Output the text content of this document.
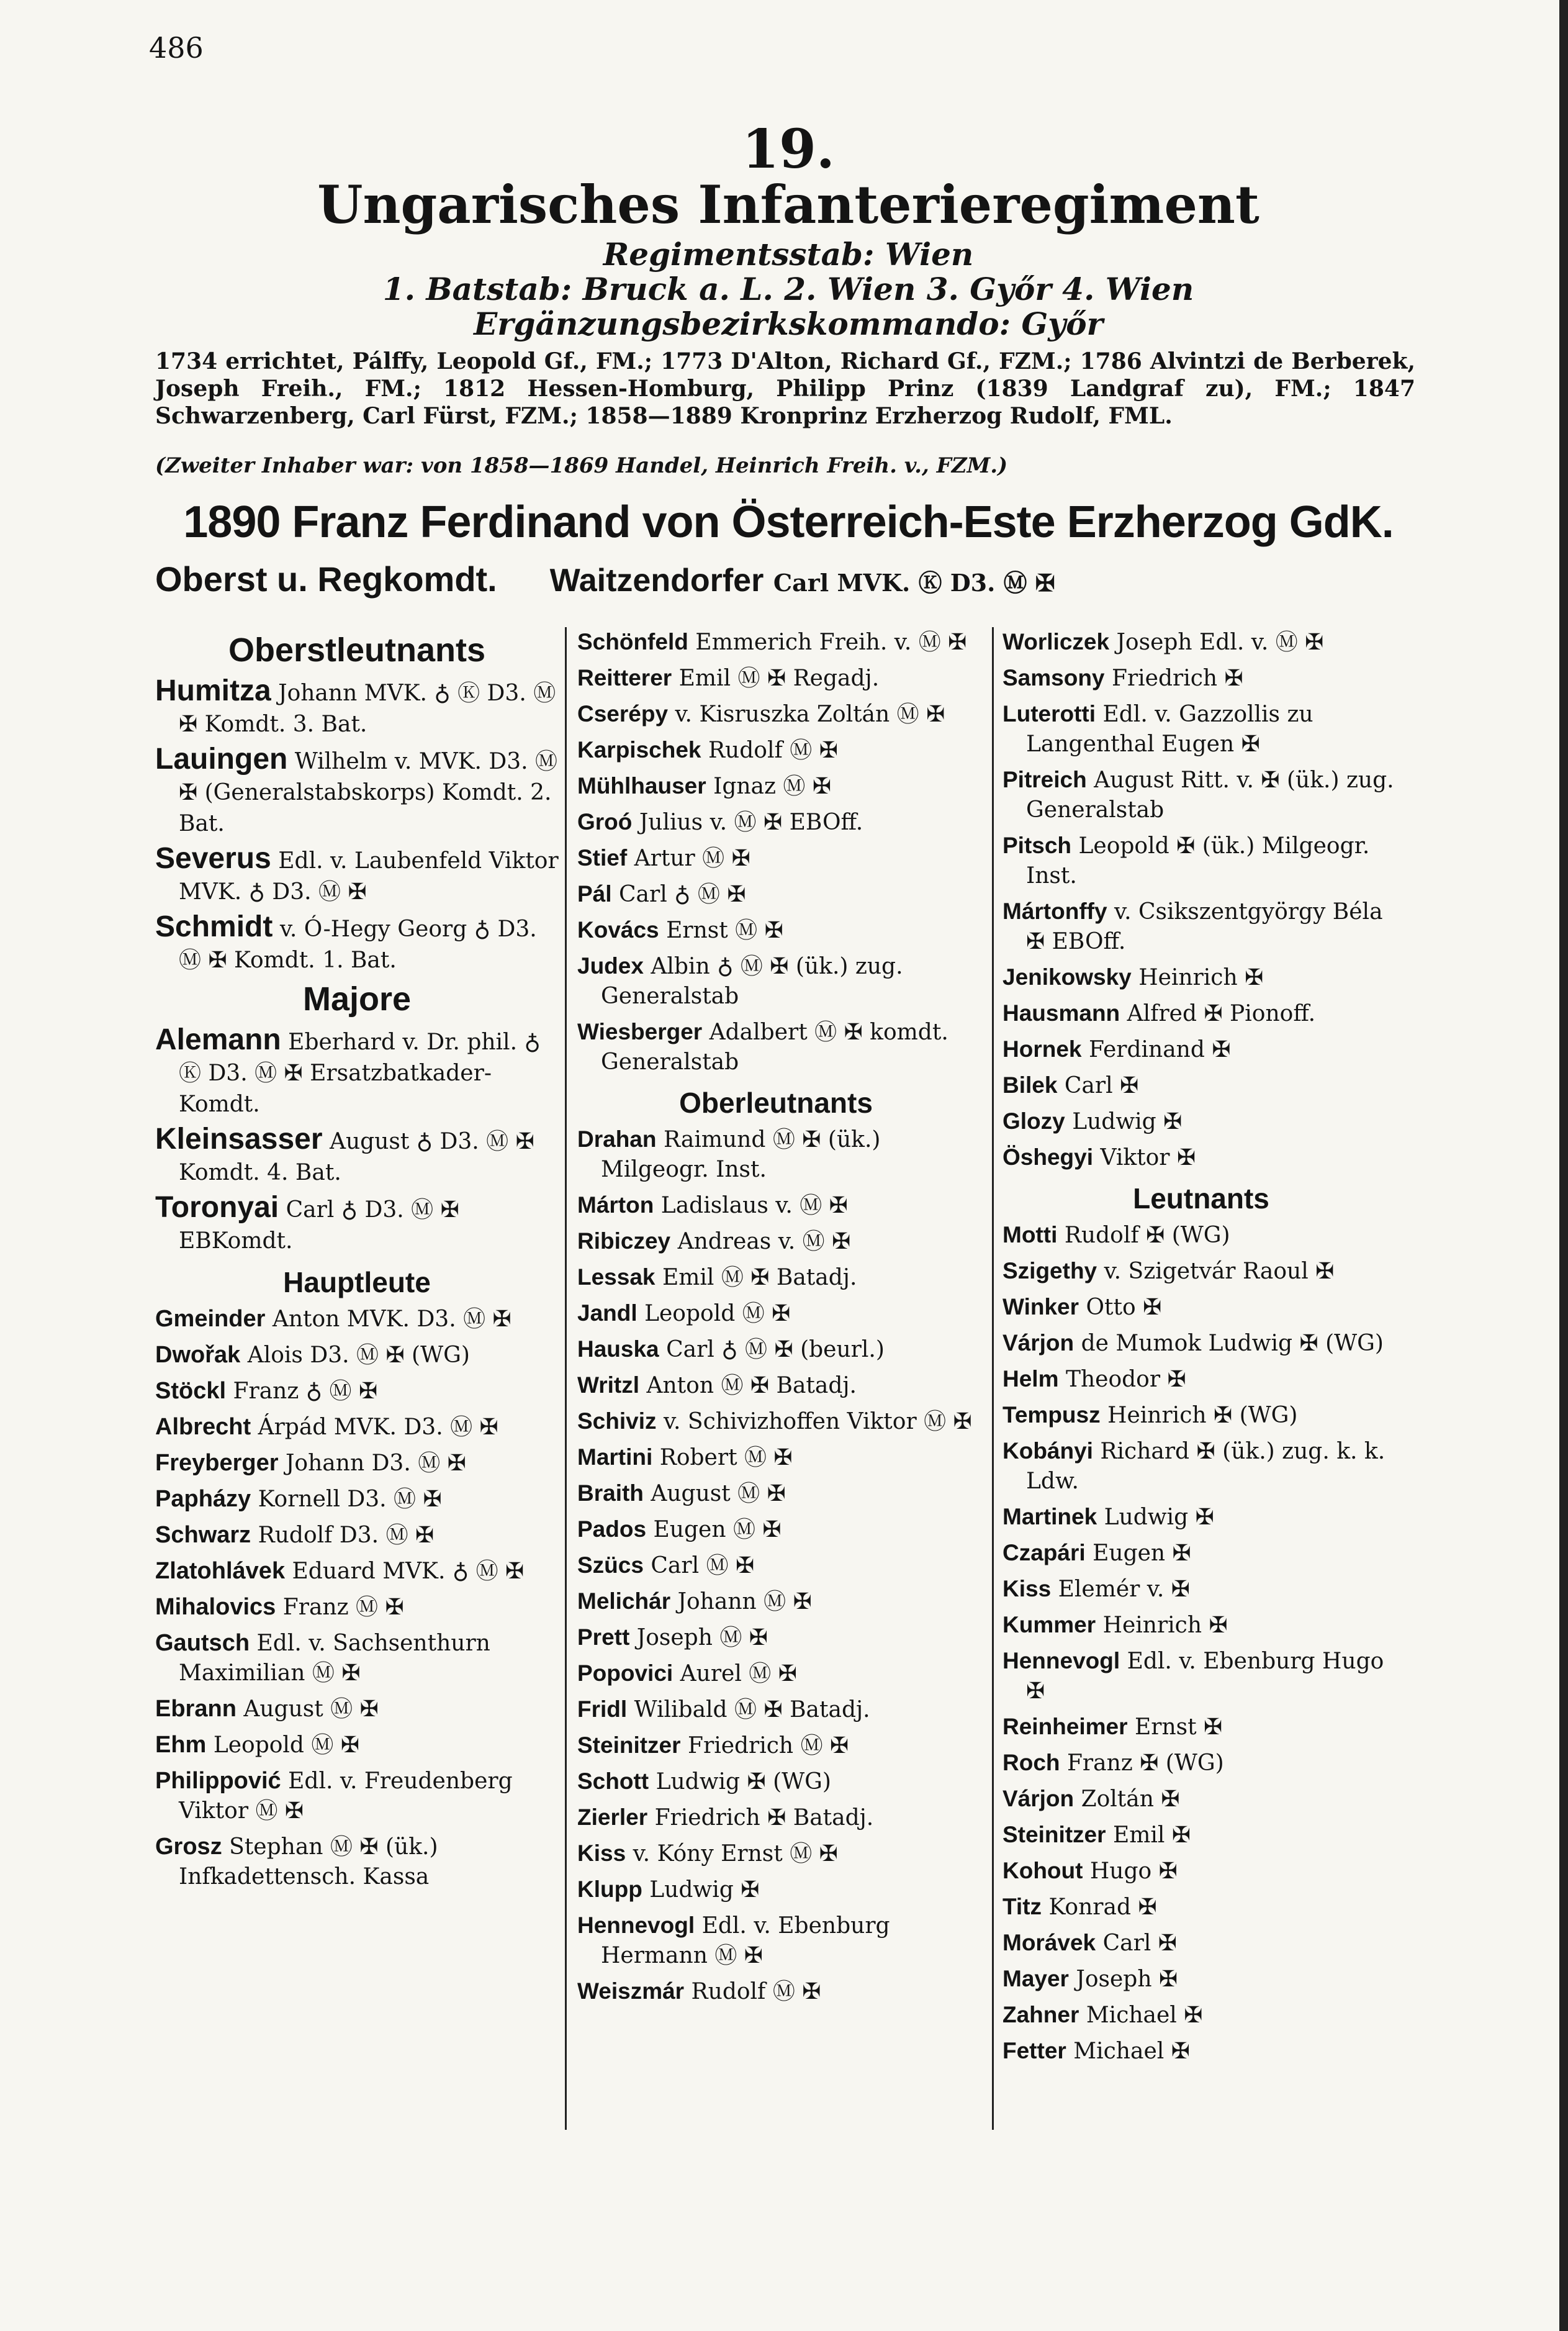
486
19.
Ungarisches Infanterieregiment
Regimentsstab: Wien
1. Batstab: Bruck a. L. 2. Wien 3. Győr 4. Wien
Ergänzungsbezirkskommando: Győr
1734 errichtet, Pálffy, Leopold Gf., FM.; 1773 D'Alton, Richard Gf., FZM.; 1786 Alvintzi de Berberek, Joseph Freih., FM.; 1812 Hessen-Homburg, Philipp Prinz (1839 Landgraf zu), FM.; 1847 Schwarzenberg, Carl Fürst, FZM.; 1858—1889 Kronprinz Erzherzog Rudolf, FML.
(Zweiter Inhaber war: von 1858—1869 Handel, Heinrich Freih. v., FZM.)
1890 Franz Ferdinand von Österreich-Este Erzherzog GdK.
Oberst u. Regkomdt. Waitzendorfer Carl MVK. Ⓚ D3. Ⓜ ✠
Oberstleutnants
Humitza Johann MVK. ♁ Ⓚ D3. Ⓜ ✠ Komdt. 3. Bat.
Lauingen Wilhelm v. MVK. D3. Ⓜ ✠ (Generalstabskorps) Komdt. 2. Bat.
Severus Edl. v. Laubenfeld Viktor MVK. ♁ D3. Ⓜ ✠
Schmidt v. Ó-Hegy Georg ♁ D3. Ⓜ ✠ Komdt. 1. Bat.
Majore
Alemann Eberhard v. Dr. phil. ♁ Ⓚ D3. Ⓜ ✠ Ersatzbatkader-Komdt.
Kleinsasser August ♁ D3. Ⓜ ✠ Komdt. 4. Bat.
Toronyai Carl ♁ D3. Ⓜ ✠ EBKomdt.
Hauptleute
Gmeinder Anton MVK. D3. Ⓜ ✠
Dwořak Alois D3. Ⓜ ✠ (WG)
Stöckl Franz ♁ Ⓜ ✠
Albrecht Árpád MVK. D3. Ⓜ ✠
Freyberger Johann D3. Ⓜ ✠
Papházy Kornell D3. Ⓜ ✠
Schwarz Rudolf D3. Ⓜ ✠
Zlatohlávek Eduard MVK. ♁ Ⓜ ✠
Mihalovics Franz Ⓜ ✠
Gautsch Edl. v. Sachsenthurn Maximilian Ⓜ ✠
Ebrann August Ⓜ ✠
Ehm Leopold Ⓜ ✠
Philippović Edl. v. Freudenberg Viktor Ⓜ ✠
Grosz Stephan Ⓜ ✠ (ük.) Infkadettensch. Kassa
Schönfeld Emmerich Freih. v. Ⓜ ✠
Reitterer Emil Ⓜ ✠ Regadj.
Cserépy v. Kisruszka Zoltán Ⓜ ✠
Karpischek Rudolf Ⓜ ✠
Mühlhauser Ignaz Ⓜ ✠
Groó Julius v. Ⓜ ✠ EBOff.
Stief Artur Ⓜ ✠
Pál Carl ♁ Ⓜ ✠
Kovács Ernst Ⓜ ✠
Judex Albin ♁ Ⓜ ✠ (ük.) zug. Generalstab
Wiesberger Adalbert Ⓜ ✠ komdt. Generalstab
Oberleutnants
Drahan Raimund Ⓜ ✠ (ük.) Milgeogr. Inst.
Márton Ladislaus v. Ⓜ ✠
Ribiczey Andreas v. Ⓜ ✠
Lessak Emil Ⓜ ✠ Batadj.
Jandl Leopold Ⓜ ✠
Hauska Carl ♁ Ⓜ ✠ (beurl.)
Writzl Anton Ⓜ ✠ Batadj.
Schiviz v. Schivizhoffen Viktor Ⓜ ✠
Martini Robert Ⓜ ✠
Braith August Ⓜ ✠
Pados Eugen Ⓜ ✠
Szücs Carl Ⓜ ✠
Melichár Johann Ⓜ ✠
Prett Joseph Ⓜ ✠
Popovici Aurel Ⓜ ✠
Fridl Wilibald Ⓜ ✠ Batadj.
Steinitzer Friedrich Ⓜ ✠
Schott Ludwig ✠ (WG)
Zierler Friedrich ✠ Batadj.
Kiss v. Kóny Ernst Ⓜ ✠
Klupp Ludwig ✠
Hennevogl Edl. v. Ebenburg Hermann Ⓜ ✠
Weiszmár Rudolf Ⓜ ✠
Worliczek Joseph Edl. v. Ⓜ ✠
Samsony Friedrich ✠
Luterotti Edl. v. Gazzollis zu Langenthal Eugen ✠
Pitreich August Ritt. v. ✠ (ük.) zug. Generalstab
Pitsch Leopold ✠ (ük.) Milgeogr. Inst.
Mártonffy v. Csikszentgyörgy Béla ✠ EBOff.
Jenikowsky Heinrich ✠
Hausmann Alfred ✠ Pionoff.
Hornek Ferdinand ✠
Bilek Carl ✠
Glozy Ludwig ✠
Öshegyi Viktor ✠
Leutnants
Motti Rudolf ✠ (WG)
Szigethy v. Szigetvár Raoul ✠
Winker Otto ✠
Várjon de Mumok Ludwig ✠ (WG)
Helm Theodor ✠
Tempusz Heinrich ✠ (WG)
Kobányi Richard ✠ (ük.) zug. k. k. Ldw.
Martinek Ludwig ✠
Czapári Eugen ✠
Kiss Elemér v. ✠
Kummer Heinrich ✠
Hennevogl Edl. v. Ebenburg Hugo ✠
Reinheimer Ernst ✠
Roch Franz ✠ (WG)
Várjon Zoltán ✠
Steinitzer Emil ✠
Kohout Hugo ✠
Titz Konrad ✠
Morávek Carl ✠
Mayer Joseph ✠
Zahner Michael ✠
Fetter Michael ✠
